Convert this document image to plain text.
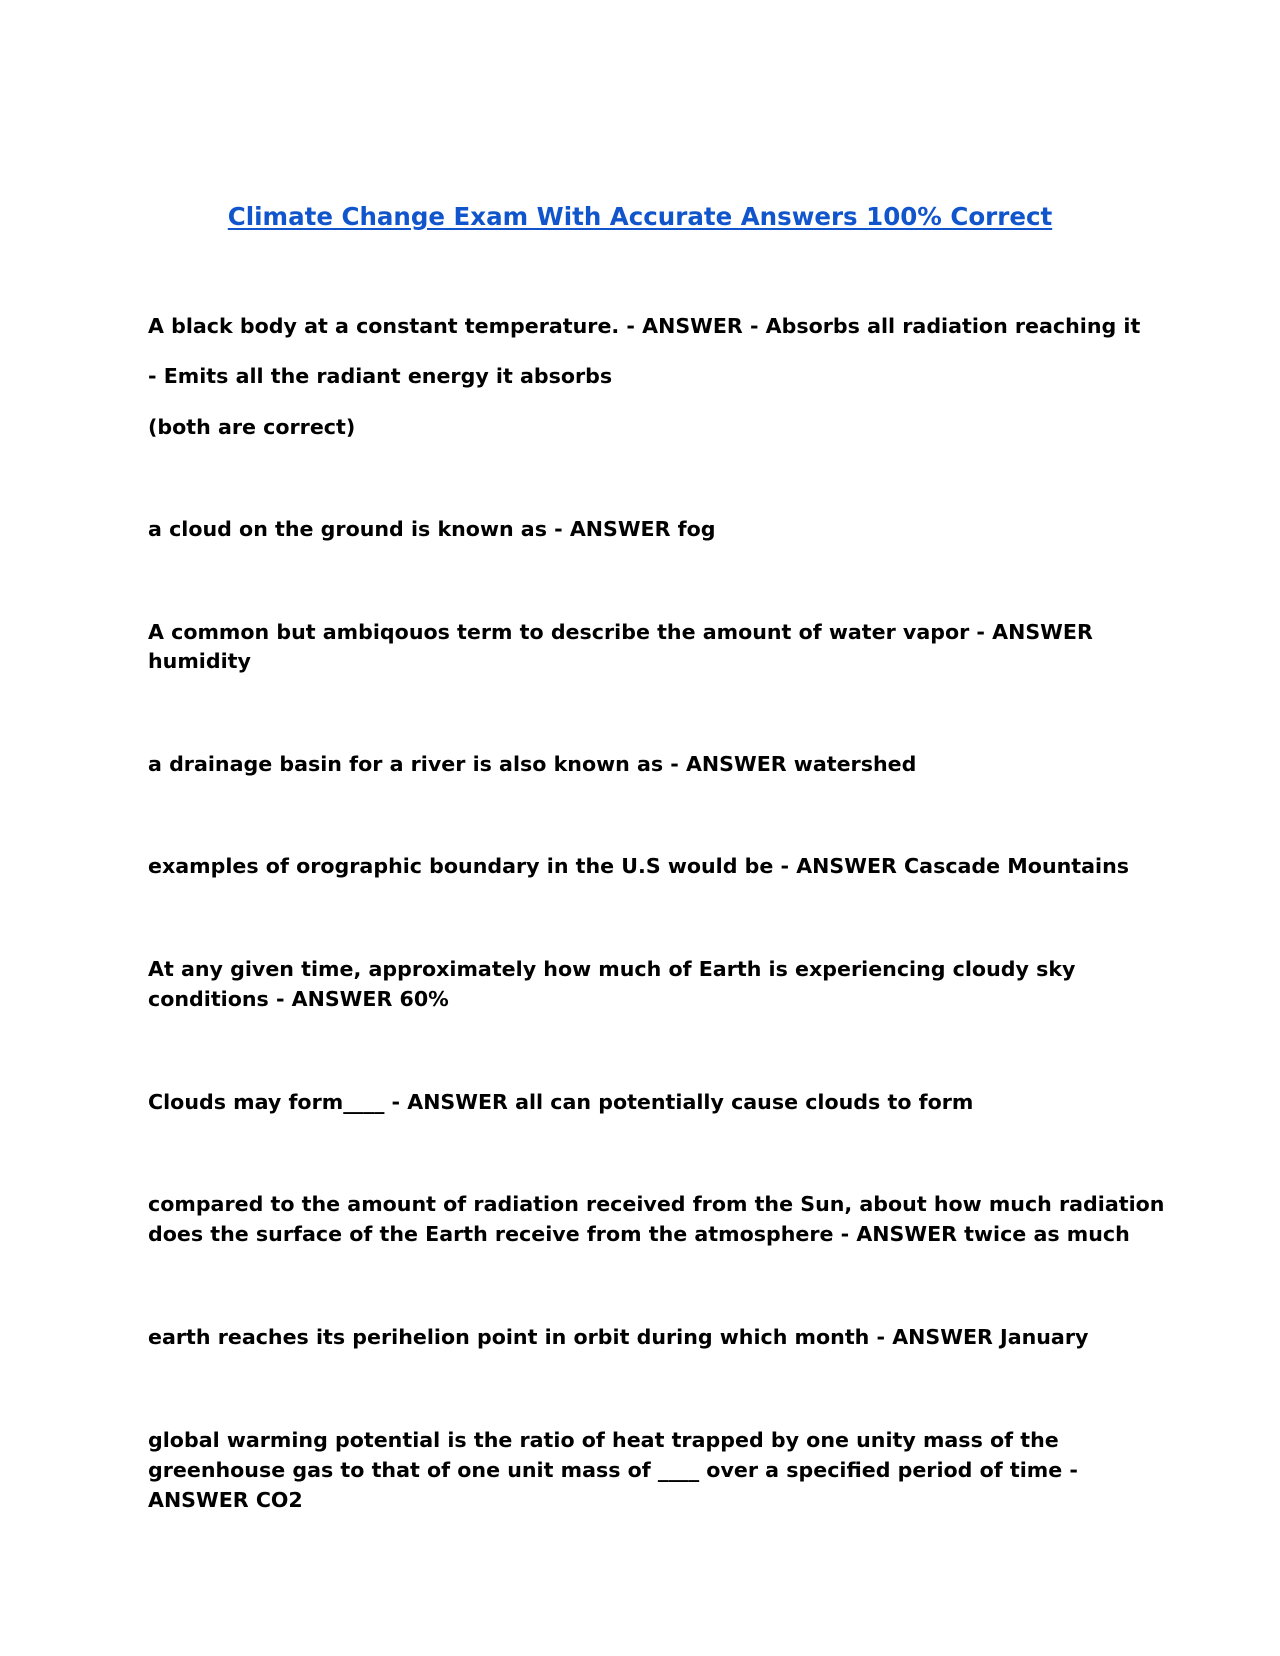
Climate Change Exam With Accurate Answers 100% Correct
A black body at a constant temperature. - ANSWER - Absorbs all radiation reaching it
- Emits all the radiant energy it absorbs
(both are correct)
a cloud on the ground is known as - ANSWER fog
A common but ambiqouos term to describe the amount of water vapor - ANSWER
humidity
a drainage basin for a river is also known as - ANSWER watershed
examples of orographic boundary in the U.S would be - ANSWER Cascade Mountains
At any given time, approximately how much of Earth is experiencing cloudy sky
conditions - ANSWER 60%
Clouds may form____ - ANSWER all can potentially cause clouds to form
compared to the amount of radiation received from the Sun, about how much radiation
does the surface of the Earth receive from the atmosphere - ANSWER twice as much
earth reaches its perihelion point in orbit during which month - ANSWER January
global warming potential is the ratio of heat trapped by one unity mass of the
greenhouse gas to that of one unit mass of ____ over a specified period of time -
ANSWER CO2
